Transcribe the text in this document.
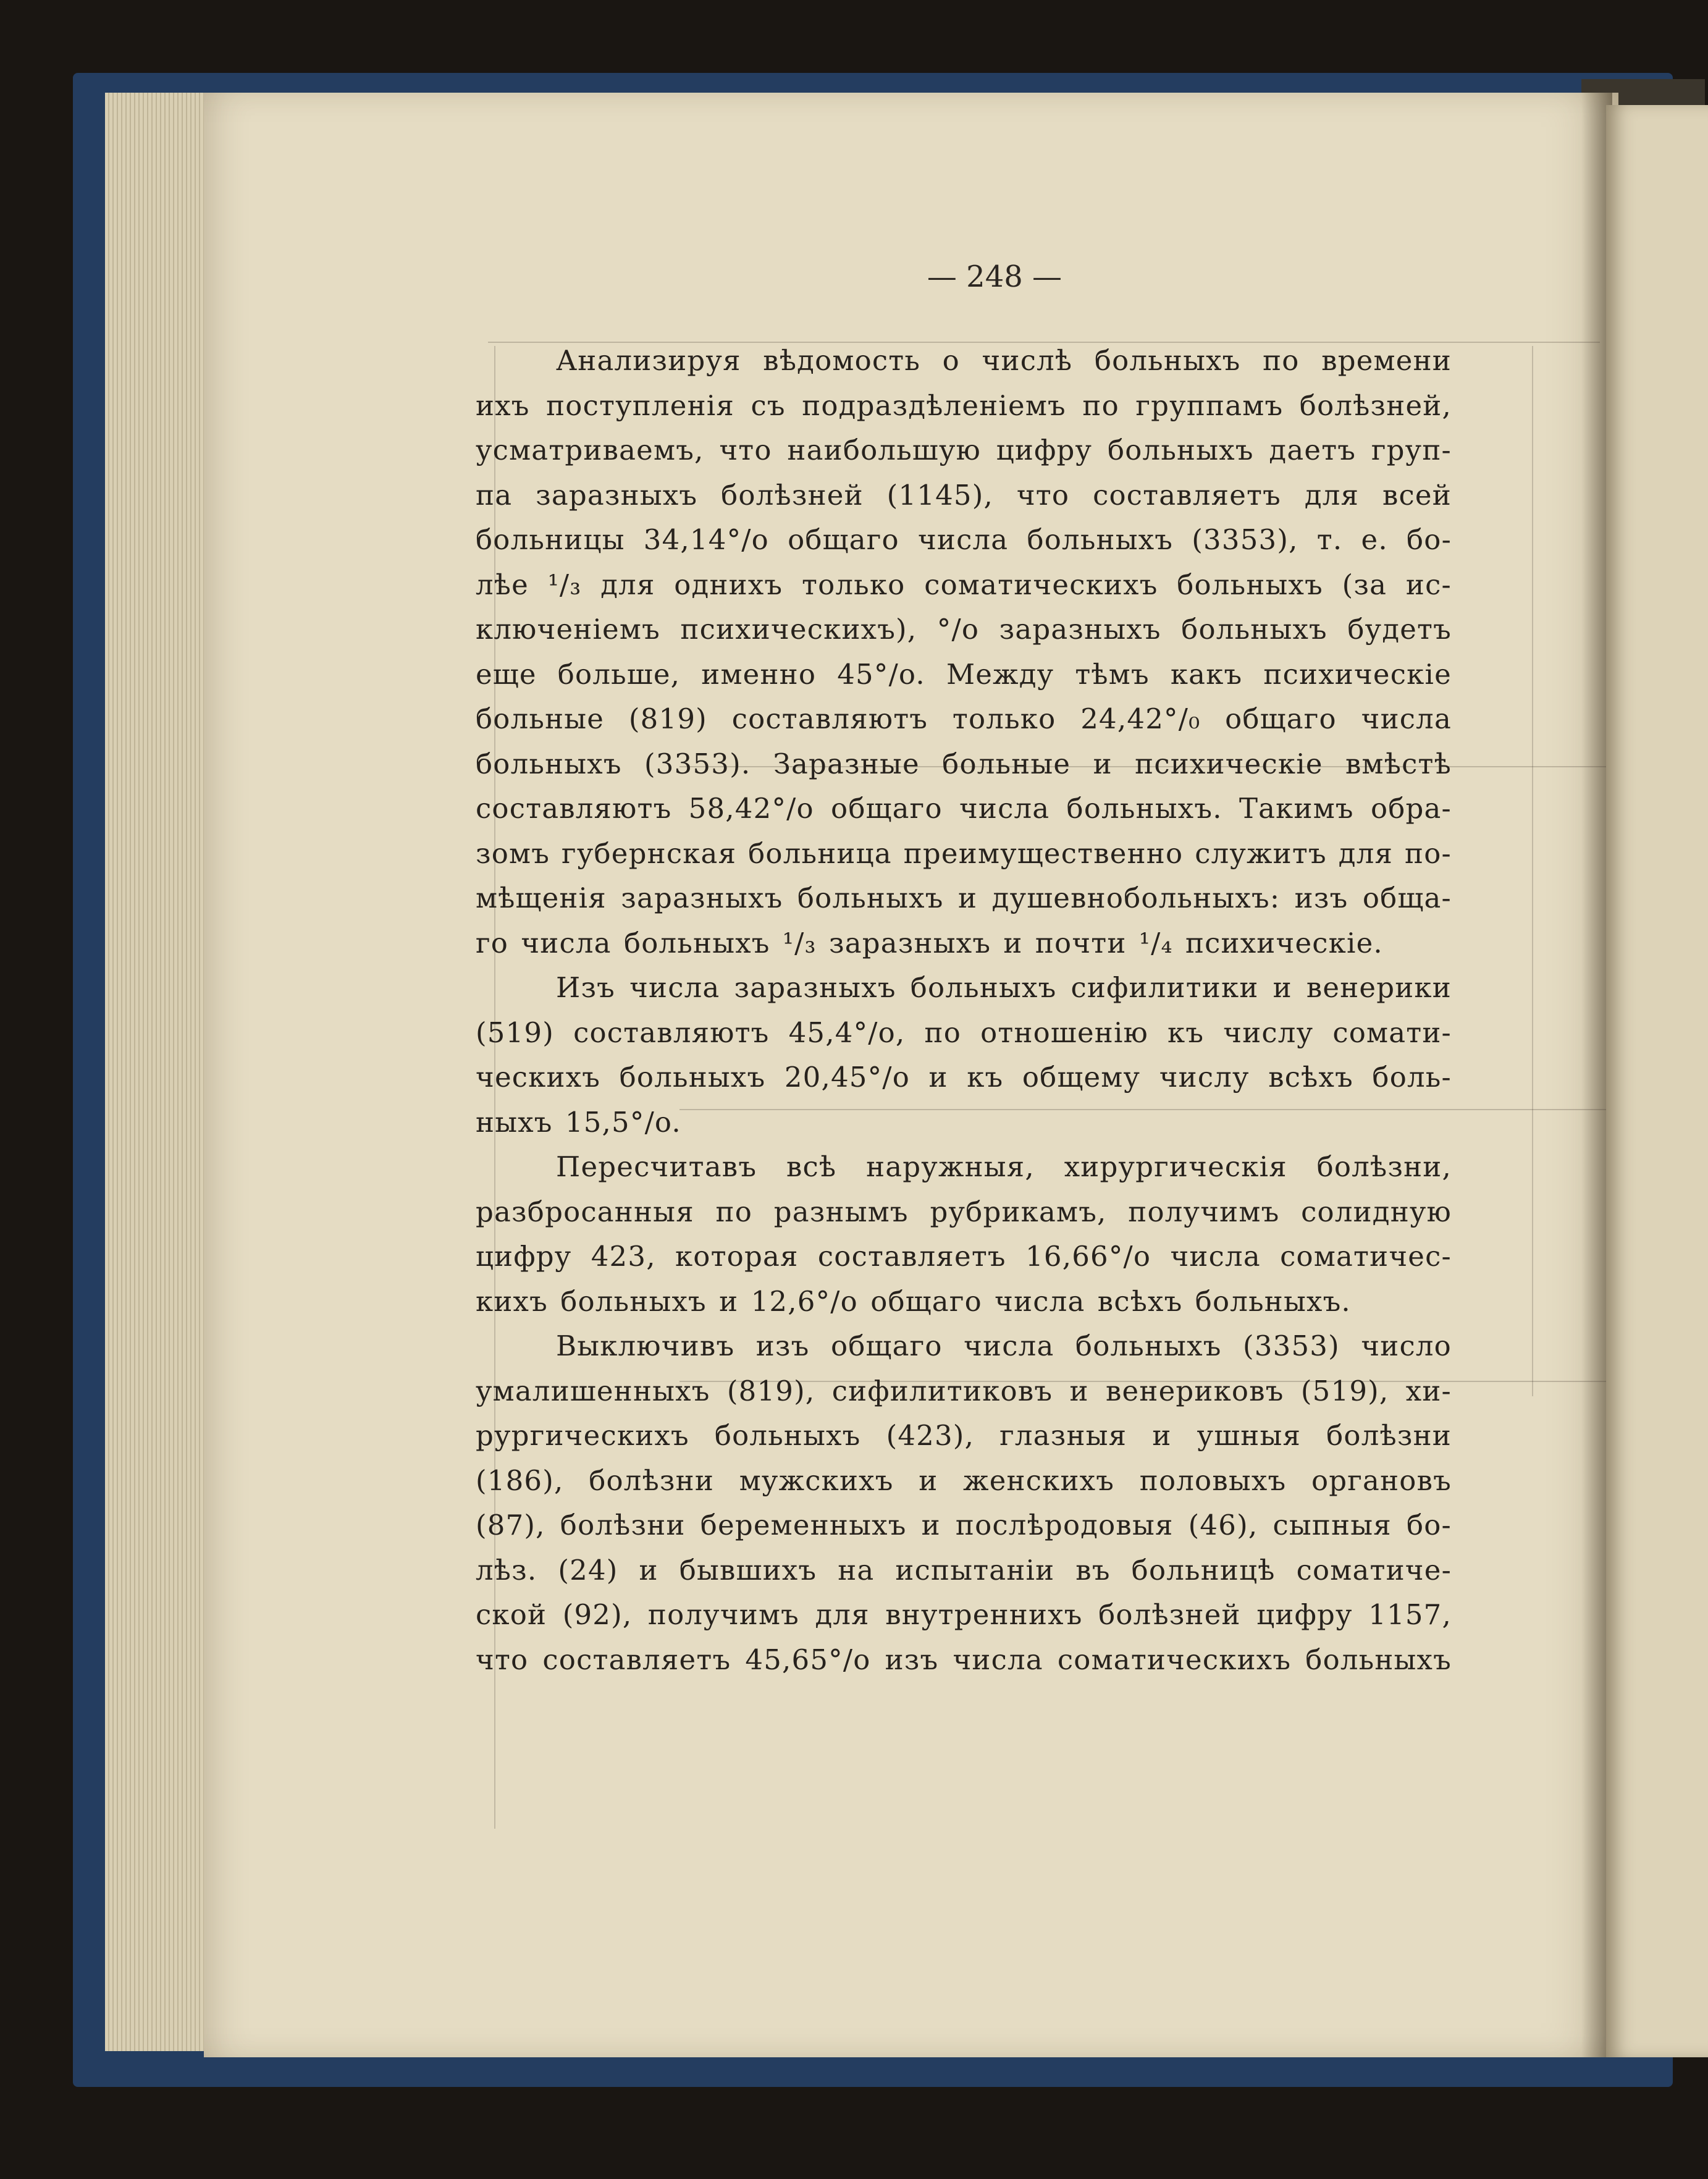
— 248 —
Анализируя вѣдомость о числѣ больныхъ по времени
ихъ поступленія съ подраздѣленіемъ по группамъ болѣзней,
усматриваемъ, что наибольшую цифру больныхъ даетъ груп-
па заразныхъ болѣзней (1145), что составляетъ для всей
больницы 34,14°/o общаго числа больныхъ (3353), т. е. бо-
лѣе ¹/₃ для однихъ только соматическихъ больныхъ (за ис-
ключеніемъ психическихъ), °/o заразныхъ больныхъ будетъ
еще больше, именно 45°/o. Между тѣмъ какъ психическіе
больные (819) составляютъ только 24,42°/₀ общаго числа
больныхъ (3353). Заразные больные и психическіе вмѣстѣ
составляютъ 58,42°/o общаго числа больныхъ. Такимъ обра-
зомъ губернская больница преимущественно служитъ для по-
мѣщенія заразныхъ больныхъ и душевнобольныхъ: изъ обща-
го числа больныхъ ¹/₃ заразныхъ и почти ¹/₄ психическіе.
Изъ числа заразныхъ больныхъ сифилитики и венерики
(519) составляютъ 45,4°/o, по отношенію къ числу сомати-
ческихъ больныхъ 20,45°/o и къ общему числу всѣхъ боль-
ныхъ 15,5°/o.
Пересчитавъ всѣ наружныя, хирургическія болѣзни,
разбросанныя по разнымъ рубрикамъ, получимъ солидную
цифру 423, которая составляетъ 16,66°/o числа соматичес-
кихъ больныхъ и 12,6°/o общаго числа всѣхъ больныхъ.
Выключивъ изъ общаго числа больныхъ (3353) число
умалишенныхъ (819), сифилитиковъ и венериковъ (519), хи-
рургическихъ больныхъ (423), глазныя и ушныя болѣзни
(186), болѣзни мужскихъ и женскихъ половыхъ органовъ
(87), болѣзни беременныхъ и послѣродовыя (46), сыпныя бо-
лѣз. (24) и бывшихъ на испытаніи въ больницѣ соматиче-
ской (92), получимъ для внутреннихъ болѣзней цифру 1157,
что составляетъ 45,65°/o изъ числа соматическихъ больныхъ
